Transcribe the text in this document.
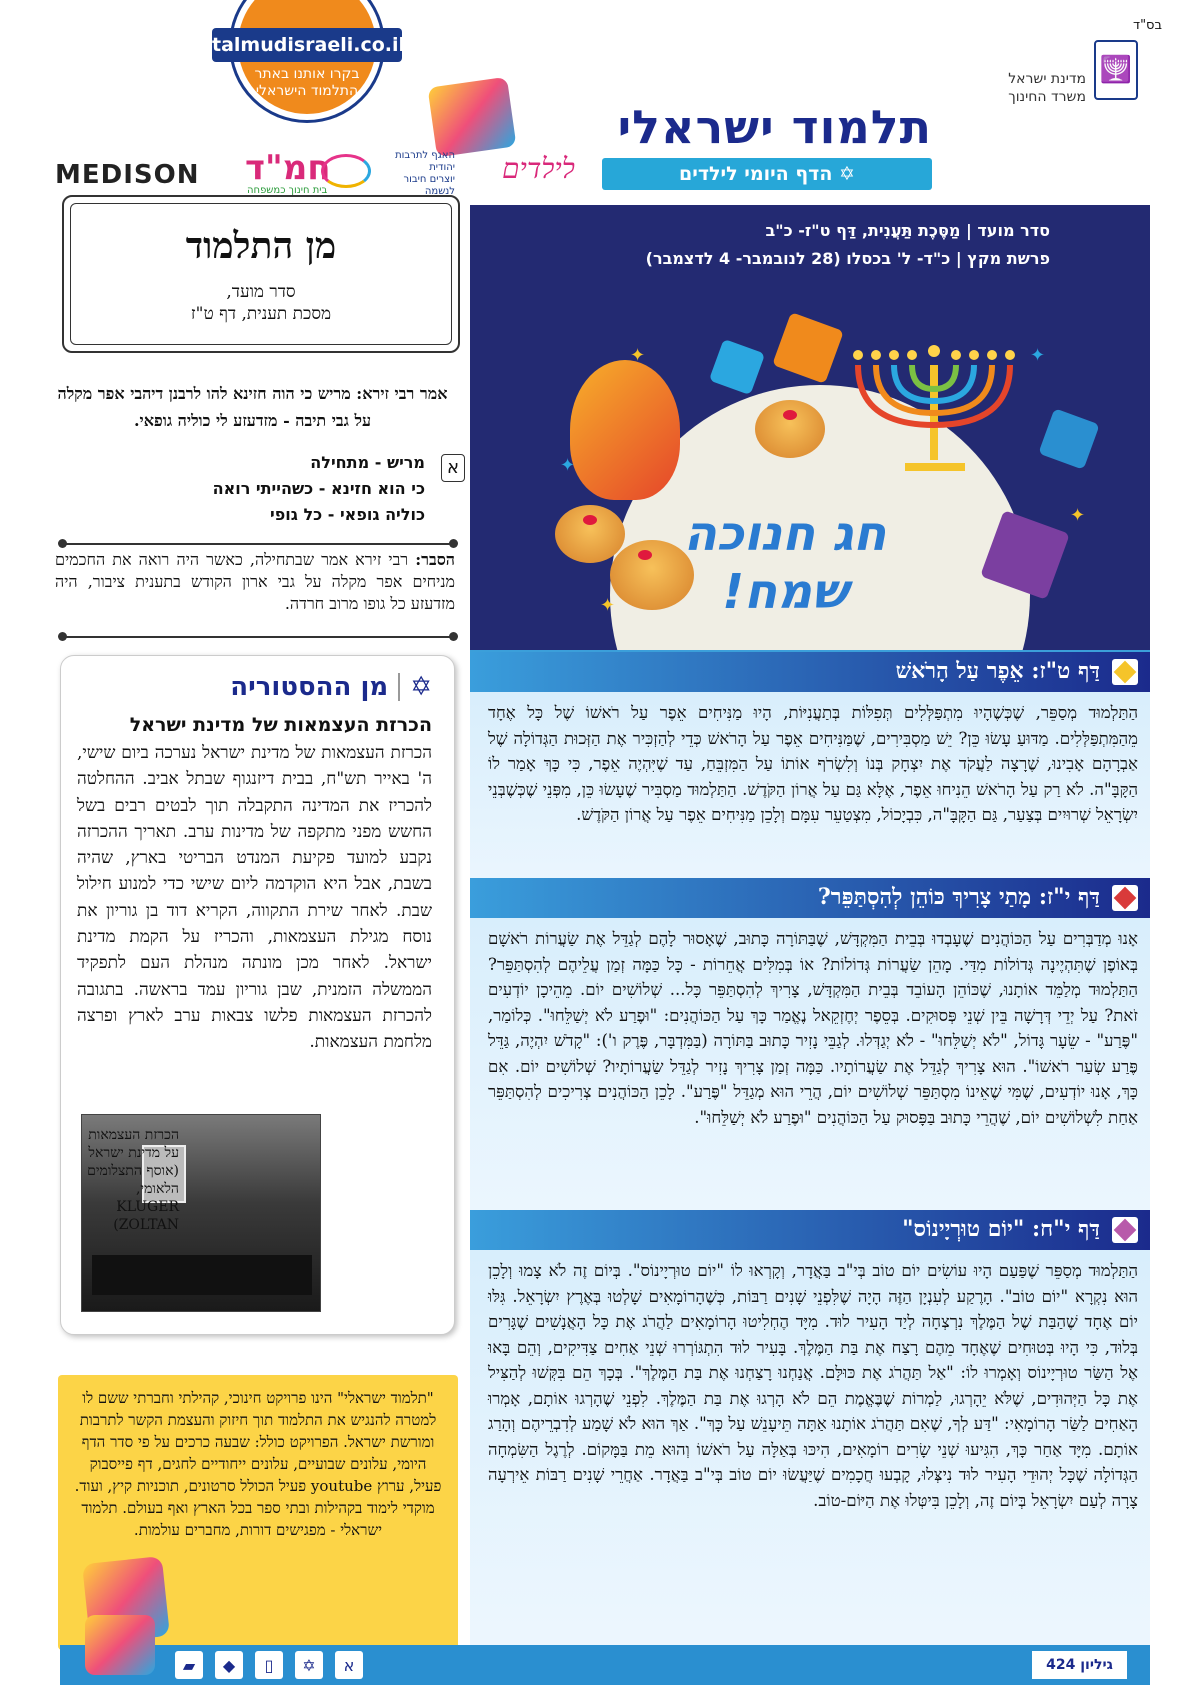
בס"ד
🕎
מדינת ישראל
משרד החינוך
תלמוד ישראלי
לילדים	✡ הדף היומי לילדים
talmudisraeli.co.il
בקרו אותנו באתר התלמוד הישראלי
MEDISON חמ"ד
בית חינוך כמשפחה
האגף לתרבות יהודית
יוצרים חיבור לנשמה
מן התלמוד
סדר מועד,
מסכת תענית, דף ט"ז
אמר רבי זירא: מריש כי הוה חזינא להו לרבנן דיהבי אפר מקלה על גבי תיבה - מזדעזע לי כוליה גופאי.
א
מריש - מתחילה
כי הוא חזינא - כשהייתי רואה
כוליה גופאי - כל גופי
הסבר: רבי זירא אמר שבתחילה, כאשר היה רואה את החכמים מניחים אפר מקלה על גבי ארון הקודש בתענית ציבור, היה מזדעזע כל גופו מרוב חרדה.
✡
מן ההסטוריה
הכרזת העצמאות של מדינת ישראל
הכרזת העצמאות של מדינת ישראל נערכה ביום שישי, ה' באייר תש"ח, בבית דיזנגוף שבתל אביב. ההחלטה להכריז את המדינה התקבלה תוך לבטים רבים בשל החשש מפני מתקפה של מדינות ערב. תאריך ההכרזה נקבע למועד פקיעת המנדט הבריטי בארץ, שהיה בשבת, אבל היא הוקדמה ליום שישי כדי למנוע חילול שבת. לאחר שירת התקווה, הקריא דוד בן גוריון את נוסח מגילת העצמאות, והכריז על הקמת מדינת ישראל. לאחר מכן מונתה מנהלת העם לתפקיד הממשלה הזמנית, שבן גוריון עמד בראשה. בתגובה להכרזת העצמאות פלשו צבאות ערב לארץ ופרצה מלחמת העצמאות.
הכרזת העצמאות על מדינת ישראל (אוסף התצלומים הלאומי, KLUGER ZOLTAN)
"תלמוד ישראלי" הינו פרויקט חינוכי, קהילתי וחברתי ששם לו למטרה להנגיש את התלמוד תוך חיזוק והעצמת הקשר לתרבות ומורשת ישראל. הפרויקט כולל: שבעה כרכים על פי סדר הדף היומי, עלונים שבועיים, עלונים ייחודיים לחגים, דף פייסבוק פעיל, ערוץ youtube פעיל הכולל סרטונים, תוכניות קיץ, ועוד. מוקדי לימוד בקהילות ובתי ספר בכל הארץ ואף בעולם. תלמוד ישראלי - מפגישים דורות, מחברים עולמות.
סדר מועד | מַסֶּכֶת תַּעֲנִית, דַּף ט"ז- כ"ב
פרשת מקץ | כ"ד- ל' בכסלו (28 לנובמבר- 4 לדצמבר)
✦	✦
✦
✦
✦
חג חנוכה
שמח!
דַּף ט"ז: אֵפֶר עַל הָרֹאשׁ
הַתַּלְמוּד מְסַפֵּר, שֶׁכְּשֶׁהָיוּ מִתְפַּלְּלִים תְּפִלּוֹת בְּתַעֲנִיּוֹת, הָיוּ מַנִּיחִים אֵפֶר עַל רֹאשׁוֹ שֶׁל כָּל אֶחָד מֵהַמִּתְפַּלְּלִים. מַדּוּעַ עָשׂוּ כֵּן? יֵשׁ מַסְבִּירִים, שֶׁמַּנִּיחִים אֵפֶר עַל הָרֹאשׁ כְּדֵי לְהַזְכִּיר אֶת הַזְּכוּת הַגְּדוֹלָה שֶׁל אַבְרָהָם אָבִינוּ, שֶׁרָצָה לַעֲקֹד אֶת יִצְחָק בְּנוֹ וְלִשְׂרֹף אוֹתוֹ עַל הַמִּזְבֵּחַ, עַד שֶׁיִּהְיֶה אֵפֶר, כִּי כָּךְ אָמַר לוֹ הַקָּבָּ"ה. לֹא רַק עַל הָרֹאשׁ הֵנִיחוּ אֵפֶר, אֶלָּא גַּם עַל אֲרוֹן הַקֹּדֶשׁ. הַתַּלְמוּד מַסְבִּיר שֶׁעָשׂוּ כֵּן, מִפְּנֵי שֶׁכְּשֶׁבְּנֵי יִשְׂרָאֵל שְׁרוּיִים בְּצַעַר, גַּם הַקָּבָּ"ה, כִּבְיָכוֹל, מִצְטַעֵר עִמָּם וְלָכֵן מַנִּיחִים אֵפֶר עַל אֲרוֹן הַקֹּדֶשׁ.
דַּף י"ז: מָתַי צָרִיךְ כּוֹהֵן לְהִסְתַּפֵּר?
אָנוּ מְדַבְּרִים עַל הַכּוֹהֲנִים שֶׁעָבְדוּ בְּבֵית הַמִּקְדָּשׁ, שֶׁבַּתּוֹרָה כָּתוּב, שֶׁאָסוּר לָהֶם לְגַדֵּל אֶת שַׂעֲרוֹת רֹאשָׁם בְּאוֹפֶן שֶׁתִּהְיֶינָה גְּדוֹלוֹת מִדַּי. מָהֵן שַׂעֲרוֹת גְּדוֹלוֹת? אוֹ בְּמִלִּים אֲחֵרוֹת - כָּל כַּמָּה זְמַן עֲלֵיהֶם לְהִסְתַּפֵּר? הַתַּלְמוּד מְלַמֵּד אוֹתָנוּ, שֶׁכּוֹהֵן הָעוֹבֵד בְּבֵית הַמִּקְדָּשׁ, צָרִיךְ לְהִסְתַּפֵּר כָּל... שְׁלוֹשִׁים יוֹם. מֵהֵיכָן יוֹדְעִים זֹאת? עַל יְדֵי דְּרָשָׁה בֵּין שְׁנֵי פְּסוּקִים. בְּסֵפֶר יְחֶזְקֵאל נֶאֱמַר כָּךְ עַל הַכּוֹהֲנִים: "וּפֶרַע לֹא יְשַׁלֵּחוּ". כְּלוֹמַר, "פֶּרַע" - שֵׂעָר גָּדוֹל, "לֹא יְשַׁלֵּחוּ" - לֹא יְגַדְּלוּ. לְגַבֵּי נָזִיר כָּתוּב בַּתּוֹרָה (בַּמִּדְבָּר, פֶּרֶק ו'): "קָדֹשׁ יִהְיֶה, גַּדֵּל פֶּרַע שְׂעַר רֹאשׁוֹ". הוּא צָרִיךְ לְגַדֵּל אֶת שַׂעֲרוֹתָיו. כַּמָּה זְמַן צָרִיךְ נָזִיר לְגַדֵּל שַׂעֲרוֹתָיו? שְׁלוֹשִׁים יוֹם. אִם כָּךְ, אָנוּ יוֹדְעִים, שֶׁמִּי שֶׁאֵינוֹ מִסְתַּפֵּר שְׁלוֹשִׁים יוֹם, הֲרֵי הוּא מְגַדֵּל "פֶּרַע". לָכֵן הַכּוֹהֲנִים צְרִיכִים לְהִסְתַּפֵּר אַחַת לִשְׁלוֹשִׁים יוֹם, שֶׁהֲרֵי כָּתוּב בַּפָּסוּק עַל הַכּוֹהֲנִים "וּפֶרַע לֹא יְשַׁלֵּחוּ".
דַּף י"ח: "יוֹם טוּרְיָינוֹס"
הַתַּלְמוּד מְסַפֵּר שֶׁפַּעַם הָיוּ עוֹשִׂים יוֹם טוֹב בְּי"ב בַּאֲדָר, וְקָרְאוּ לוֹ "יוֹם טוּרְיָינוֹס". בְּיוֹם זֶה לֹא צָמוּ וְלָכֵן הוּא נִקְרָא "יוֹם טוֹב". הָרֶקַע לְעִנְיָן הַזֶּה הָיָה שֶׁלִּפְנֵי שָׁנִים רַבּוֹת, כְּשֶׁהָרוֹמָאִים שָׁלְטוּ בְּאֶרֶץ יִשְׂרָאֵל. גִּלּוּ יוֹם אֶחָד שֶׁהַבַּת שֶׁל הַמֶּלֶךְ נִרְצְחָה לְיַד הָעִיר לוּד. מִיָּד הֶחְלִיטוּ הָרוֹמָאִים לַהֲרֹג אֶת כָּל הָאֲנָשִׁים שֶׁגָּרִים בְּלוּד, כִּי הָיוּ בְּטוּחִים שֶׁאֶחָד מֵהֶם רָצַח אֶת בַּת הַמֶּלֶךְ. בָּעִיר לוּד הִתְגּוֹרְרוּ שְׁנֵי אַחִים צַדִּיקִים, וְהֵם בָּאוּ אֶל הַשַּׂר טוּרְיָינוֹס וְאָמְרוּ לוֹ: "אַל תַּהֲרֹג אֶת כּוּלָּם. אֲנַחְנוּ רָצַחְנוּ אֶת בַּת הַמֶּלֶךְ". בְּכָךְ הֵם בִּקְּשׁוּ לְהַצִּיל אֶת כָּל הַיְּהוּדִים, שֶׁלֹּא יֵהָרְגוּ, לַמְרוֹת שֶׁבֶּאֱמֶת הֵם לֹא הָרְגוּ אֶת בַּת הַמֶּלֶךְ. לִפְנֵי שֶׁהָרְגוּ אוֹתָם, אָמְרוּ הָאַחִים לַשַּׂר הָרוֹמָאִי: "דַּע לְךָ, שֶׁאִם תַּהֲרֹג אוֹתָנוּ אַתָּה תֵּיעָנֵשׁ עַל כָּךְ". אַךְ הוּא לֹא שָׁמַע לְדִבְרֵיהֶם וְהָרַג אוֹתָם. מִיָּד אַחַר כָּךְ, הִגִּיעוּ שְׁנֵי שָׂרִים רוֹמָאִים, הִיכּוּ בְּאַלָּה עַל רֹאשׁוֹ וְהוּא מֵת בַּמָּקוֹם. לְרֶגֶל הַשִּׂמְחָה הַגְּדוֹלָה שֶׁכָּל יְהוּדֵי הָעִיר לוּד נִיצְּלוּ, קָבְעוּ חֲכָמִים שֶׁיַּעֲשׂוּ יוֹם טוֹב בְּי"ב בַּאֲדָר. אַחֲרֵי שָׁנִים רַבּוֹת אֵירְעָה צָרָה לְעַם יִשְׂרָאֵל בְּיוֹם זֶה, וְלָכֵן בִּיטְּלוּ אֶת הַיּוֹם-טוֹב.
גיליון 424
א
✡
▯
◆
▰
